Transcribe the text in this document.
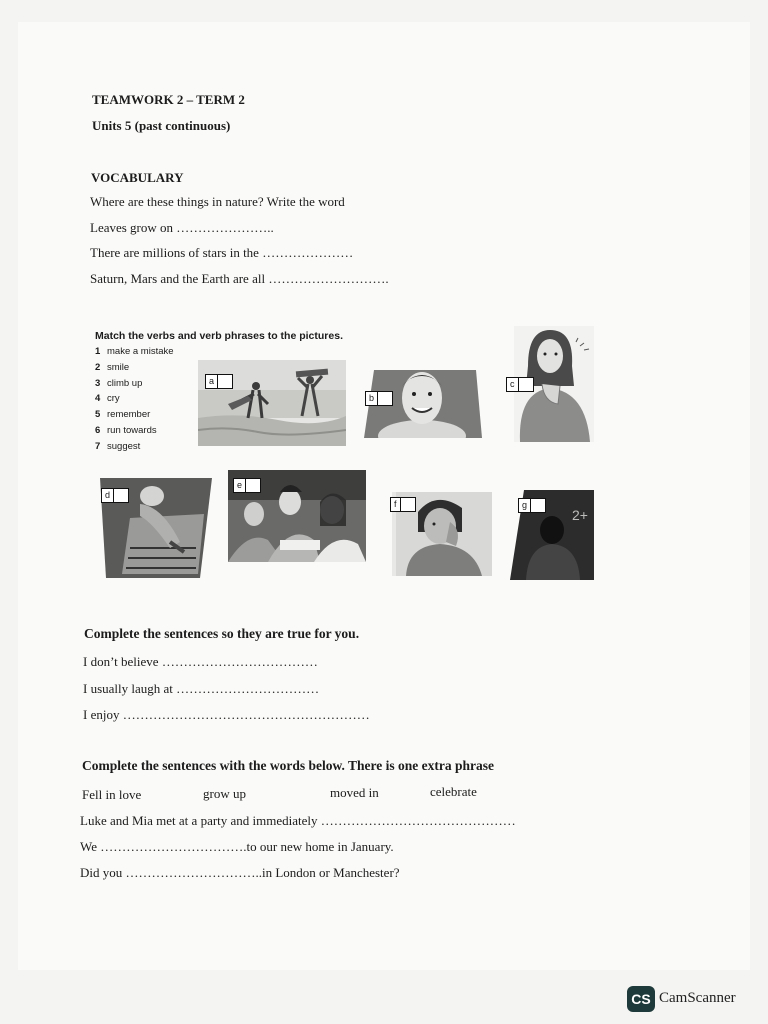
TEAMWORK 2 – TERM 2
Units 5 (past continuous)
VOCABULARY
Where are these things in nature? Write the word
Leaves grow on …………………..
There are millions of stars in the …………………
Saturn, Mars and the Earth are all ……………………….
Match the verbs and verb phrases to the pictures.
1 make a mistake
2 smile
3 climb up
4 cry
5 remember
6 run towards
7 suggest
2+
a
b
c
d
e
f	g
Complete the sentences so they are true for you.
I don’t believe ………………………………
I usually laugh at ……………………………
I enjoy …………………………………………………
Complete the sentences with the words below. There is one extra phrase
Fell in love	grow up	moved in	celebrate
Luke and Mia met at a party and immediately ………………………………………
We …………………………….to our new home in January.
Did you …………………………..in London or Manchester?
CS CamScanner
